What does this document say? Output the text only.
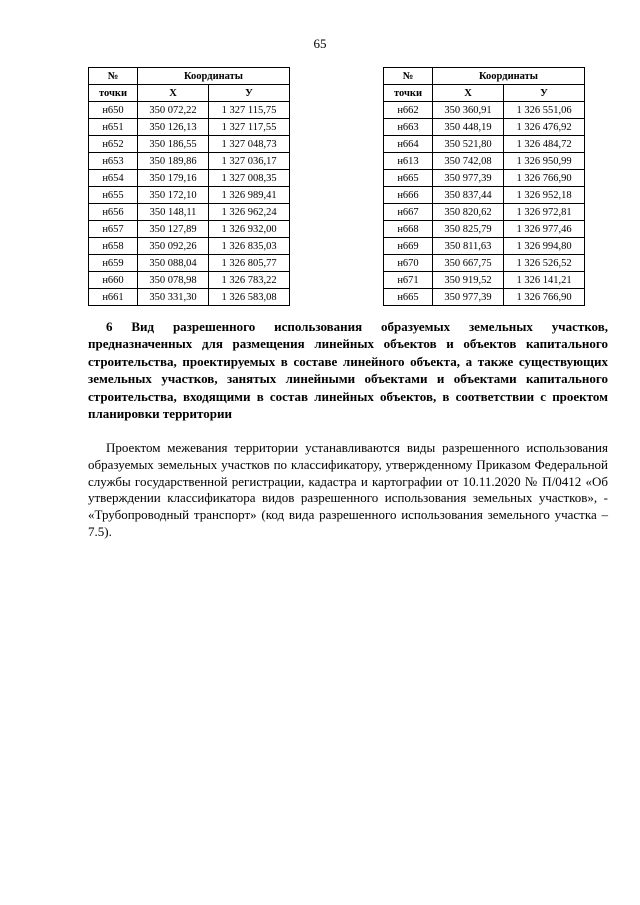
65
№	Координаты	
точки	Х	У
н650	350 072,22	1 327 115,75
н651	350 126,13	1 327 117,55
н652	350 186,55	1 327 048,73
н653	350 189,86	1 327 036,17
н654	350 179,16	1 327 008,35
н655	350 172,10	1 326 989,41
н656	350 148,11	1 326 962,24
н657	350 127,89	1 326 932,00
н658	350 092,26	1 326 835,03
н659	350 088,04	1 326 805,77
н660	350 078,98	1 326 783,22
н661	350 331,30	1 326 583,08
№	Координаты	
точки	Х	У
н662	350 360,91	1 326 551,06
н663	350 448,19	1 326 476,92
н664	350 521,80	1 326 484,72
н613	350 742,08	1 326 950,99
н665	350 977,39	1 326 766,90
н666	350 837,44	1 326 952,18
н667	350 820,62	1 326 972,81
н668	350 825,79	1 326 977,46
н669	350 811,63	1 326 994,80
н670	350 667,75	1 326 526,52
н671	350 919,52	1 326 141,21
н665	350 977,39	1 326 766,90
6 Вид разрешенного использования образуемых земельных участков, предназначенных для размещения линейных объектов и объектов капитального строительства, проектируемых в составе линейного объекта, а также существующих земельных участков, занятых линейными объектами и объектами капитального строительства, входящими в состав линейных объектов, в соответствии с проектом планировки территории
Проектом межевания территории устанавливаются виды разрешенного использования образуемых земельных участков по классификатору, утвержденному Приказом Федеральной службы государственной регистрации, кадастра и картографии от 10.11.2020 № П/0412 «Об утверждении классификатора видов разрешенного использования земельных участков», - «Трубопроводный транспорт» (код вида разрешенного использования земельного участка – 7.5).
